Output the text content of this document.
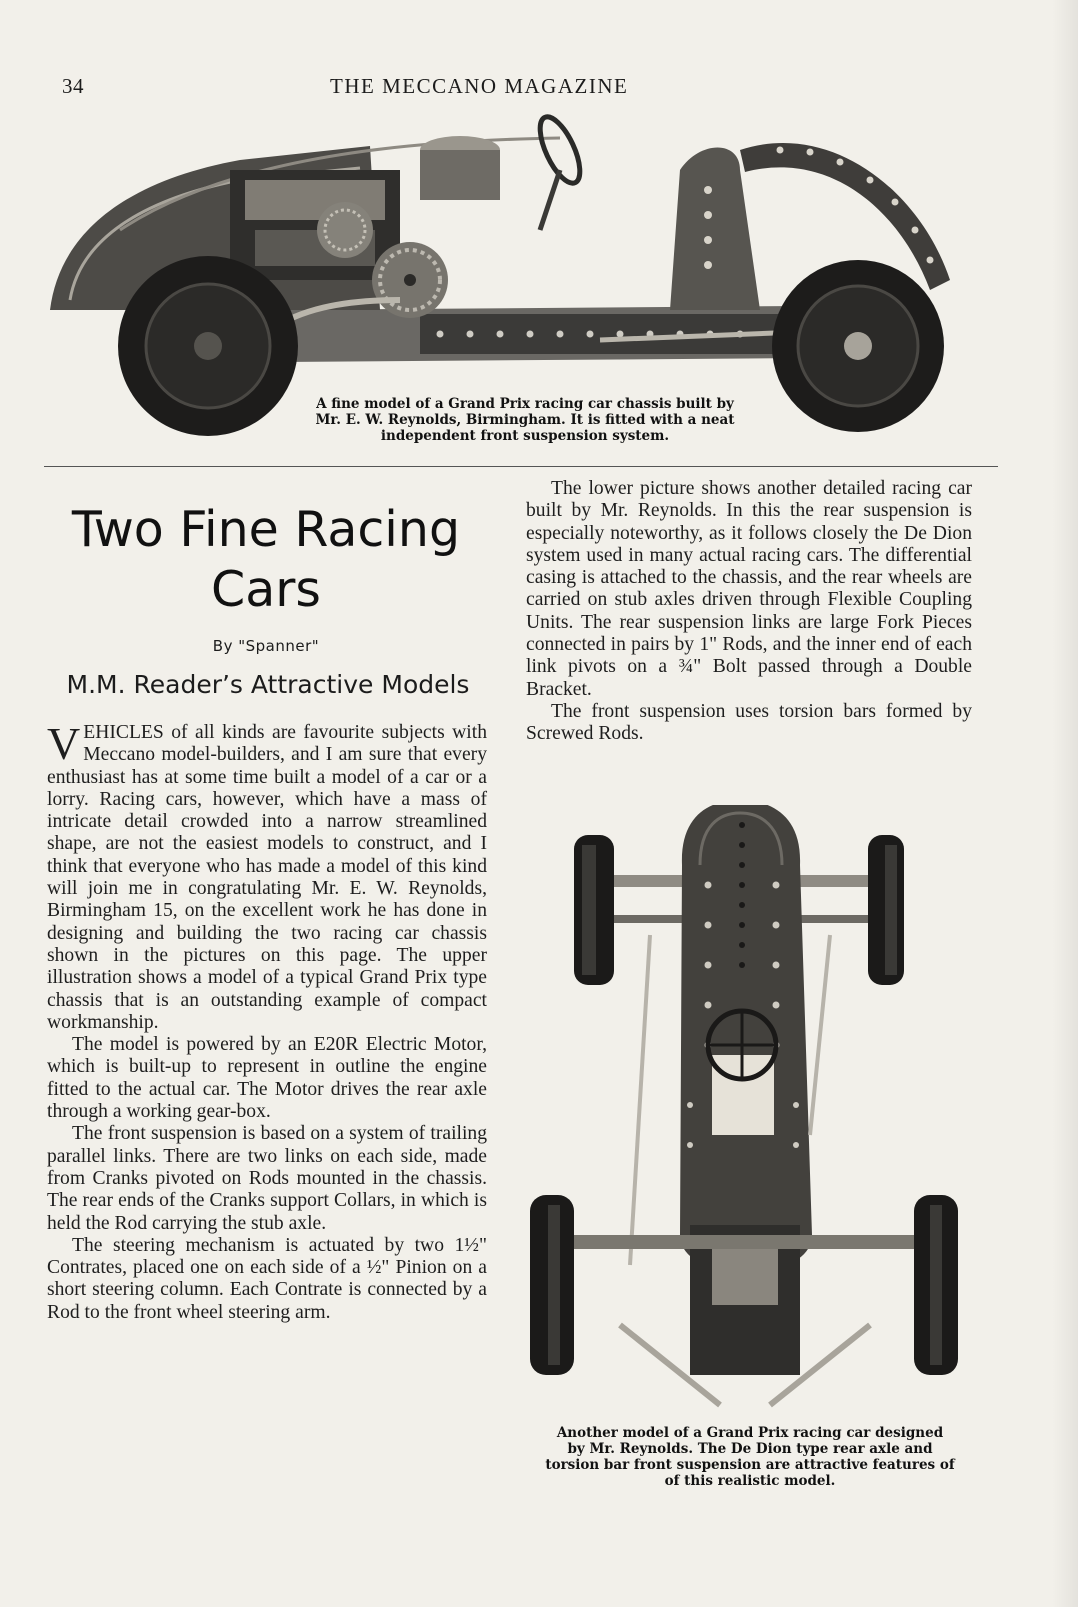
34	THE MECCANO MAGAZINE
A fine model of a Grand Prix racing car chassis built by
Mr. E. W. Reynolds, Birmingham. It is fitted with a neat
independent front suspension system.
Two Fine Racing
Cars
By "Spanner"
M.M. Reader’s Attractive Models

VEHICLES of all kinds are favourite subjects with Meccano model-builders, and I am sure that every enthusiast has at some time built a model of a car or a lorry. Racing cars, however, which have a mass of intricate detail crowded into a narrow streamlined shape, are not the easiest models to construct, and I think that everyone who has made a model of this kind will join me in congratulating Mr. E. W. Reynolds, Birmingham 15, on the excellent work he has done in designing and building the two racing car chassis shown in the pictures on this page. The upper illustration shows a model of a typical Grand Prix type chassis that is an outstanding example of compact workmanship.

The model is powered by an E20R Electric Motor, which is built-up to represent in outline the engine fitted to the actual car. The Motor drives the rear axle through a working gear-box.

The front suspension is based on a system of trailing parallel links. There are two links on each side, made from Cranks pivoted on Rods mounted in the chassis. The rear ends of the Cranks support Collars, in which is held the Rod carrying the stub axle.

The steering mechanism is actuated by two 1½" Contrates, placed one on each side of a ½" Pinion on a short steering column. Each Contrate is connected by a Rod to the front wheel steering arm.

The lower picture shows another detailed racing car built by Mr. Reynolds. In this the rear suspension is especially noteworthy, as it follows closely the De Dion system used in many actual racing cars. The differential casing is attached to the chassis, and the rear wheels are carried on stub axles driven through Flexible Coupling Units. The rear suspension links are large Fork Pieces connected in pairs by 1" Rods, and the inner end of each link pivots on a ¾" Bolt passed through a Double Bracket.

The front suspension uses torsion bars formed by Screwed Rods.

Another model of a Grand Prix racing car designed
by Mr. Reynolds. The De Dion type rear axle and
torsion bar front suspension are attractive features of
of this realistic model.
